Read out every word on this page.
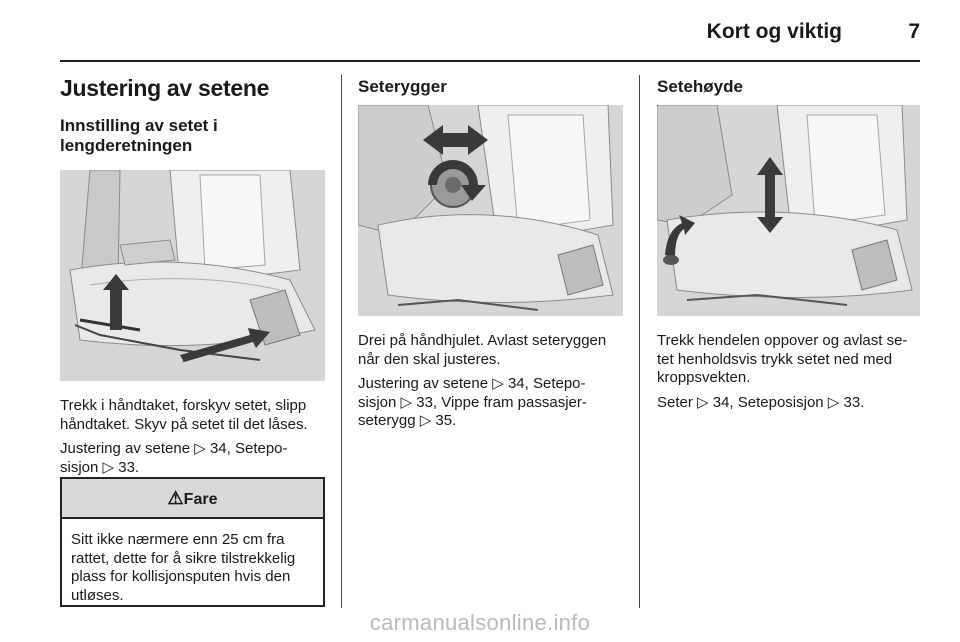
Kort og viktig	7
Justering av setene
Innstilling av setet i lengderetningen

Trekk i håndtaket, forskyv setet, slipp håndtaket. Skyv på setet til det låses.

Justering av setene ▷ 34, Setepo-sisjon ▷ 33.

⚠Fare
Sitt ikke nærmere enn 25 cm fra rattet, dette for å sikre tilstrekkelig plass for kollisjonsputen hvis den utløses.
Seterygger

Drei på håndhjulet. Avlast seteryggen når den skal justeres.

Justering av setene ▷ 34, Setepo-sisjon ▷ 33, Vippe fram passasjer-seterygg ▷ 35.

Setehøyde

Trekk hendelen oppover og avlast se-tet henholdsvis trykk setet ned med kroppsvekten.

Seter ▷ 34, Seteposisjon ▷ 33.

carmanualsonline.info
